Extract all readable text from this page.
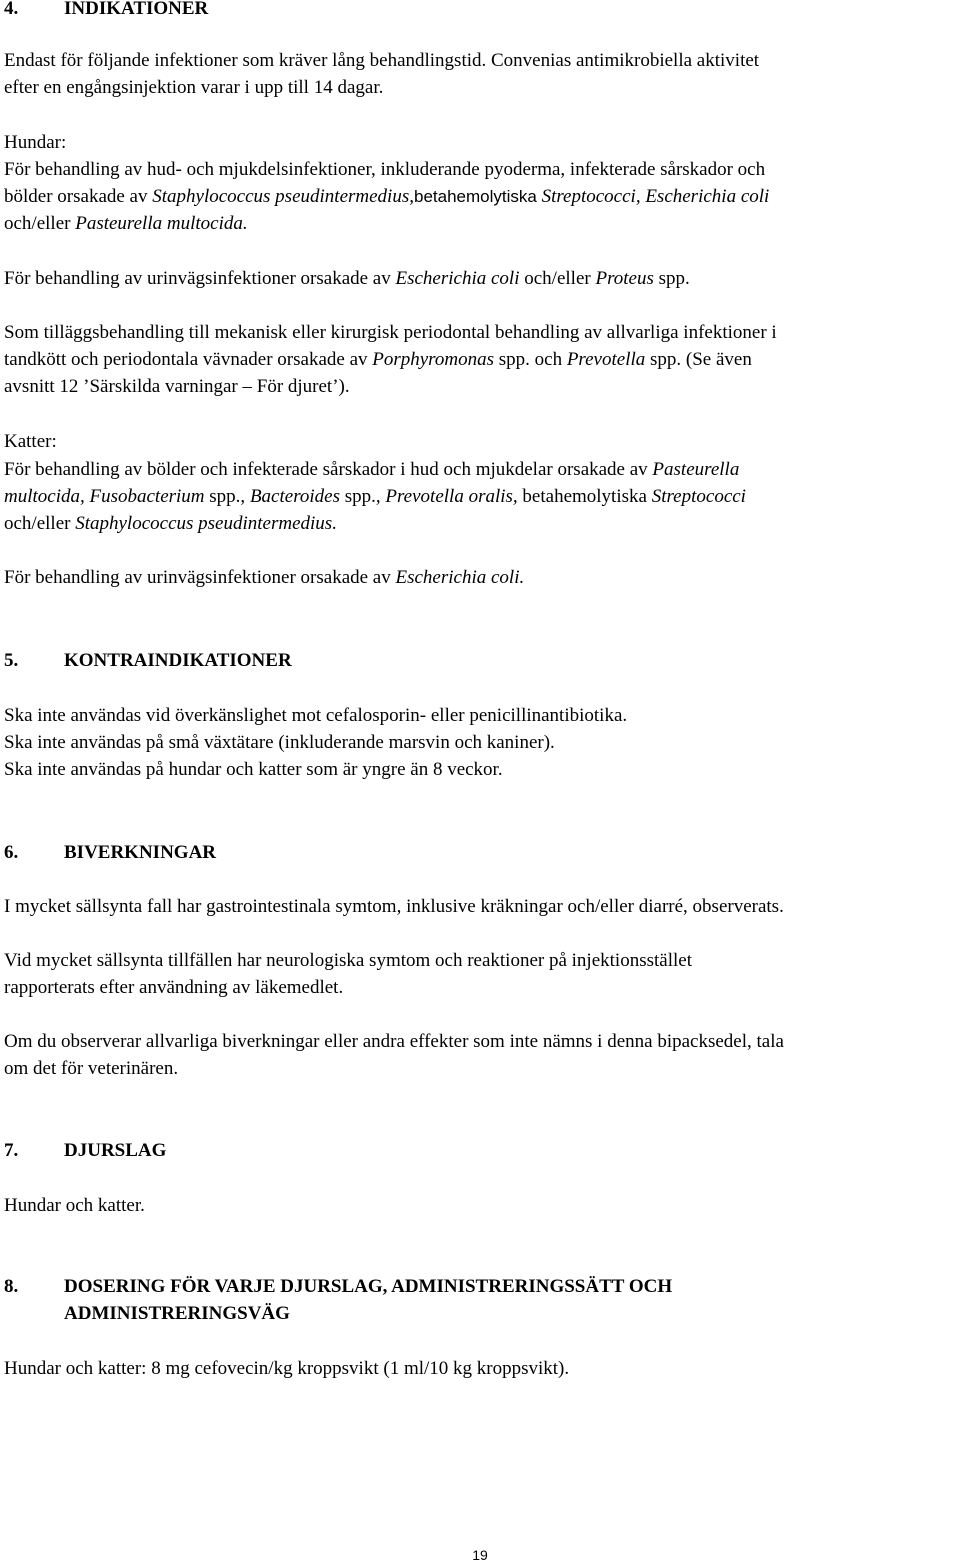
4. INDIKATIONER

Endast för följande infektioner som kräver lång behandlingstid. Convenias antimikrobiella aktivitet

efter en engångsinjektion varar i upp till 14 dagar.

Hundar:

För behandling av hud- och mjukdelsinfektioner, inkluderande pyoderma, infekterade sårskador och

bölder orsakade av Staphylococcus pseudintermedius,betahemolytiska Streptococci, Escherichia coli

och/eller Pasteurella multocida.

För behandling av urinvägsinfektioner orsakade av Escherichia coli och/eller Proteus spp.

Som tilläggsbehandling till mekanisk eller kirurgisk periodontal behandling av allvarliga infektioner i

tandkött och periodontala vävnader orsakade av Porphyromonas spp. och Prevotella spp. (Se även

avsnitt 12 ’Särskilda varningar – För djuret’).

Katter:

För behandling av bölder och infekterade sårskador i hud och mjukdelar orsakade av Pasteurella

multocida, Fusobacterium spp., Bacteroides spp., Prevotella oralis, betahemolytiska Streptococci

och/eller Staphylococcus pseudintermedius.

För behandling av urinvägsinfektioner orsakade av Escherichia coli.

5. KONTRAINDIKATIONER

Ska inte användas vid överkänslighet mot cefalosporin- eller penicillinantibiotika.

Ska inte användas på små växtätare (inkluderande marsvin och kaniner).

Ska inte användas på hundar och katter som är yngre än 8 veckor.

6. BIVERKNINGAR

I mycket sällsynta fall har gastrointestinala symtom, inklusive kräkningar och/eller diarré, observerats.

Vid mycket sällsynta tillfällen har neurologiska symtom och reaktioner på injektionsstället

rapporterats efter användning av läkemedlet.

Om du observerar allvarliga biverkningar eller andra effekter som inte nämns i denna bipacksedel, tala

om det för veterinären.

7. DJURSLAG

Hundar och katter.

8. DOSERING FÖR VARJE DJURSLAG, ADMINISTRERINGSSÄTT OCH
ADMINISTRERINGSVÄG

Hundar och katter: 8 mg cefovecin/kg kroppsvikt (1 ml/10 kg kroppsvikt).

19
